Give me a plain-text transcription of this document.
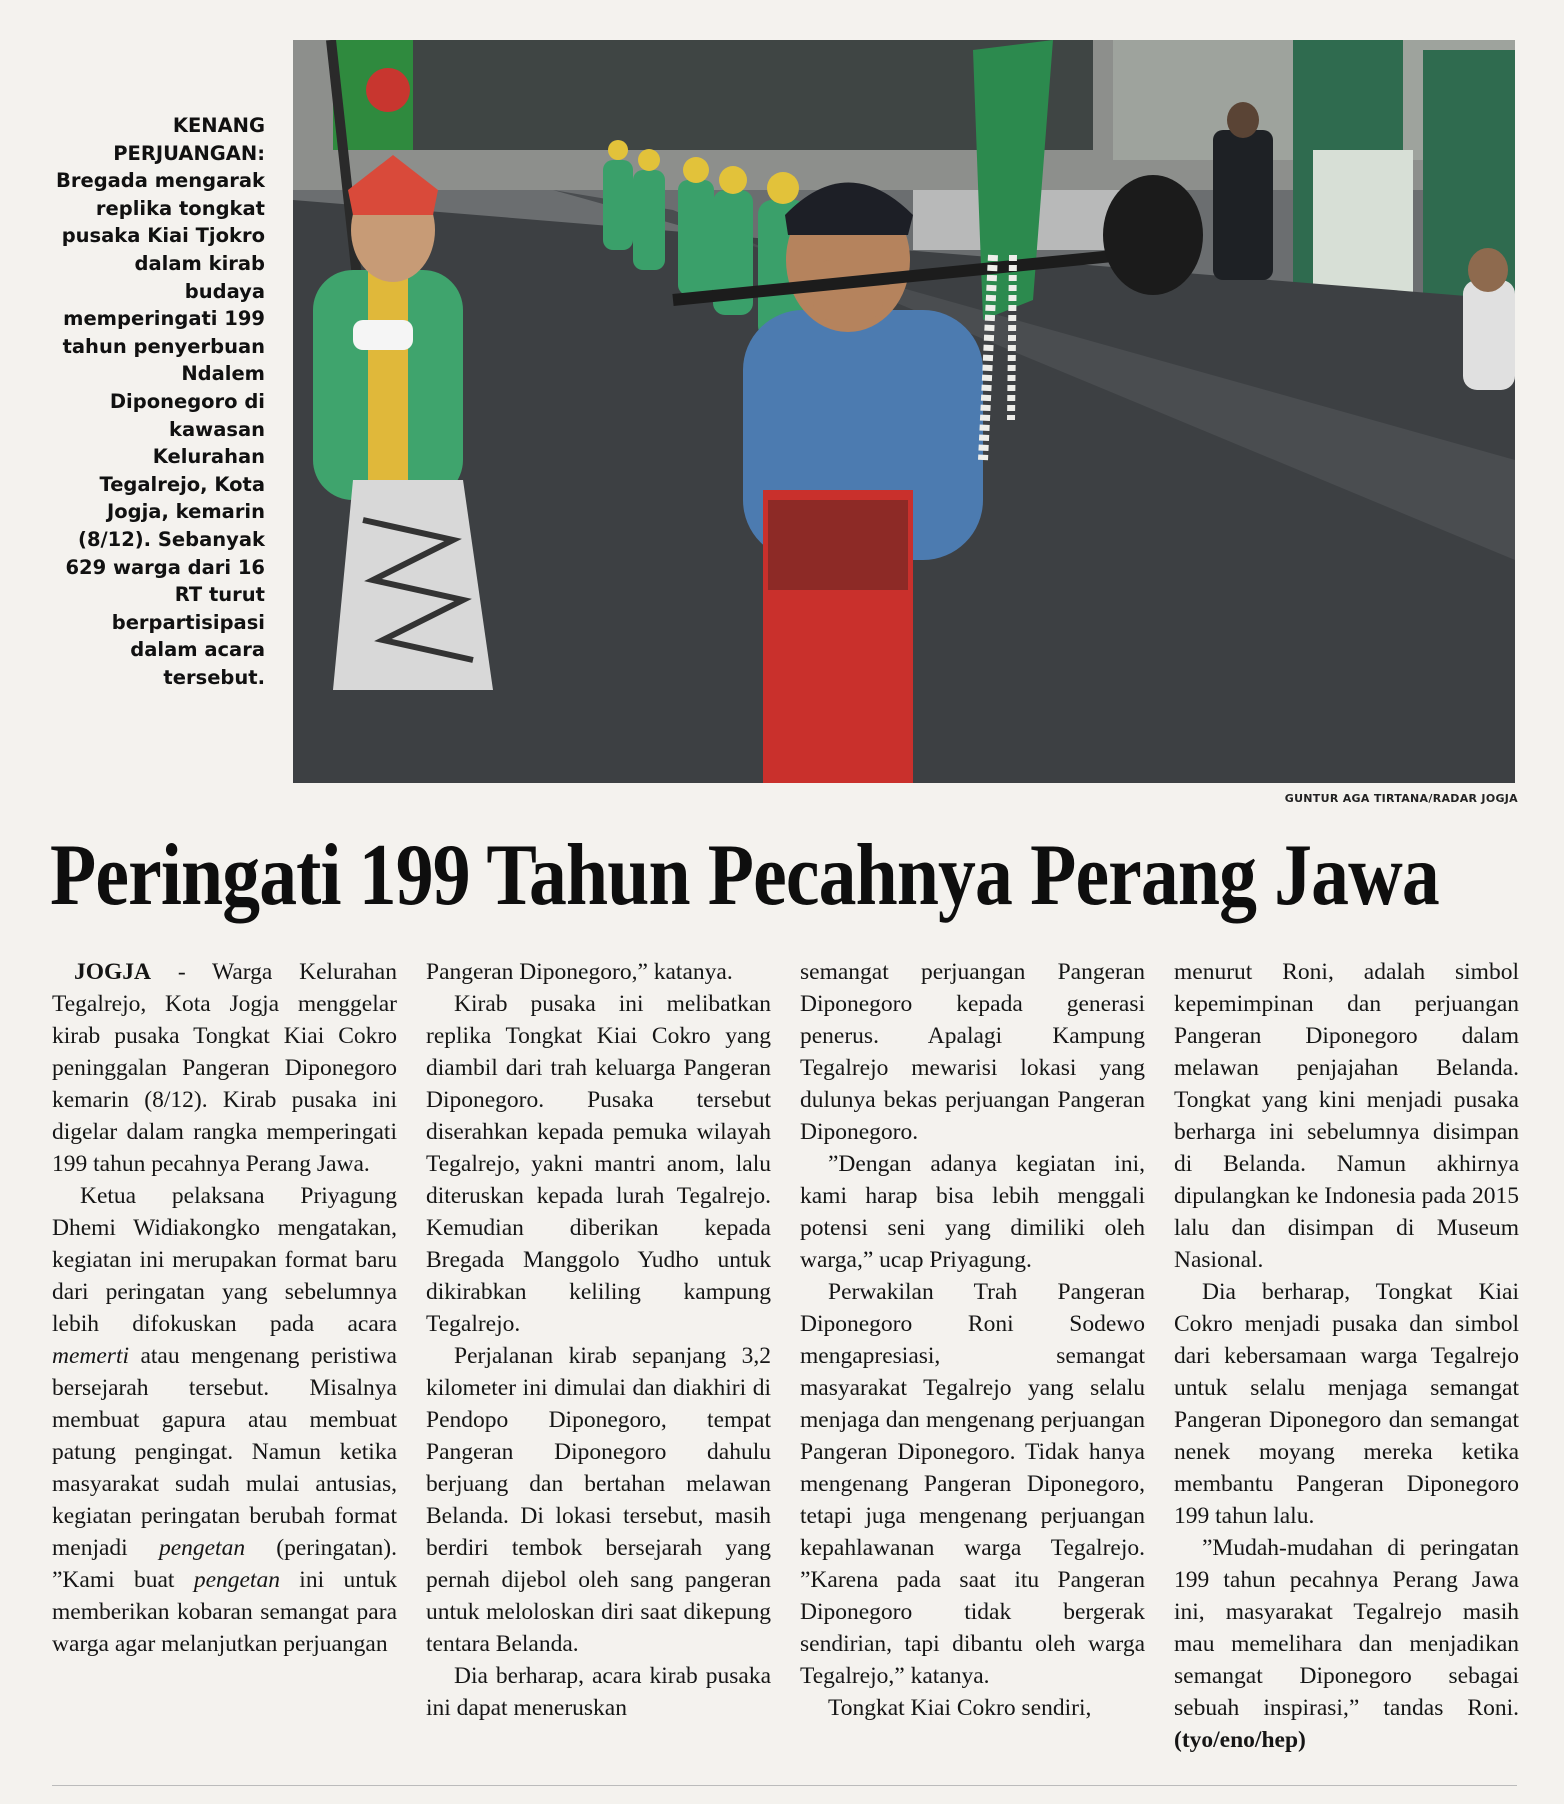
GUNTUR AGA TIRTANA/RADAR JOGJA
KENANG PERJUANGAN:
Bregada mengarak replika tongkat pusaka Kiai Tjokro dalam kirab budaya memperingati 199 tahun penyerbuan Ndalem Diponegoro di kawasan Kelurahan Tegalrejo, Kota Jogja, kemarin (8/12). Sebanyak 629 warga dari 16 RT turut berpartisipasi dalam acara tersebut.
Peringati 199 Tahun Pecahnya Perang Jawa

JOGJA - Warga Kelurahan Tegalrejo, Kota Jogja menggelar kirab pusaka Tongkat Kiai Cokro peninggalan Pangeran Diponegoro kemarin (8/12). Kirab pusaka ini digelar dalam rangka memperingati 199 tahun pecahnya Perang Jawa.

Ketua pelaksana Priyagung Dhemi Widiakongko mengatakan, kegiatan ini merupakan format baru dari peringatan yang sebelumnya lebih difokuskan pada acara memerti atau mengenang peristiwa bersejarah tersebut. Misalnya membuat gapura atau membuat patung pengingat. Namun ketika masyarakat sudah mulai antusias, kegiatan peringatan berubah format menjadi pengetan (peringatan). ”Kami buat pengetan ini untuk memberikan kobaran semangat para warga agar melanjutkan perjuangan

Pangeran Diponegoro,” katanya.

Kirab pusaka ini melibatkan replika Tongkat Kiai Cokro yang diambil dari trah keluarga Pangeran Diponegoro. Pusaka tersebut diserahkan kepada pemuka wilayah Tegalrejo, yakni mantri anom, lalu diteruskan kepada lurah Tegalrejo. Kemudian diberikan kepada Bregada Manggolo Yudho untuk dikirabkan keliling kampung Tegalrejo.

Perjalanan kirab sepanjang 3,2 kilometer ini dimulai dan diakhiri di Pendopo Diponegoro, tempat Pangeran Diponegoro dahulu berjuang dan bertahan melawan Belanda. Di lokasi tersebut, masih berdiri tembok bersejarah yang pernah dijebol oleh sang pangeran untuk meloloskan diri saat dikepung tentara Belanda.

Dia berharap, acara kirab pusaka ini dapat meneruskan

semangat perjuangan Pangeran Diponegoro kepada generasi penerus. Apalagi Kampung Tegalrejo mewarisi lokasi yang dulunya bekas perjuangan Pangeran Diponegoro.

”Dengan adanya kegiatan ini, kami harap bisa lebih menggali potensi seni yang dimiliki oleh warga,” ucap Priyagung.

Perwakilan Trah Pangeran Diponegoro Roni Sodewo mengapresiasi, semangat masyarakat Tegalrejo yang selalu menjaga dan mengenang perjuangan Pangeran Diponegoro. Tidak hanya mengenang Pangeran Diponegoro, tetapi juga mengenang perjuangan kepahlawanan warga Tegalrejo. ”Karena pada saat itu Pangeran Diponegoro tidak bergerak sendirian, tapi dibantu oleh warga Tegalrejo,” katanya.

Tongkat Kiai Cokro sendiri,

menurut Roni, adalah simbol kepemimpinan dan perjuangan Pangeran Diponegoro dalam melawan penjajahan Belanda. Tongkat yang kini menjadi pusaka berharga ini sebelumnya disimpan di Belanda. Namun akhirnya dipulangkan ke Indonesia pada 2015 lalu dan disimpan di Museum Nasional.

Dia berharap, Tongkat Kiai Cokro menjadi pusaka dan simbol dari kebersamaan warga Tegalrejo untuk selalu menjaga semangat Pangeran Diponegoro dan semangat nenek moyang mereka ketika membantu Pangeran Diponegoro 199 tahun lalu.

”Mudah-mudahan di peringatan 199 tahun pecahnya Perang Jawa ini, masyarakat Tegalrejo masih mau memelihara dan menjadikan semangat Diponegoro sebagai sebuah inspirasi,” tandas Roni. (tyo/eno/hep)
